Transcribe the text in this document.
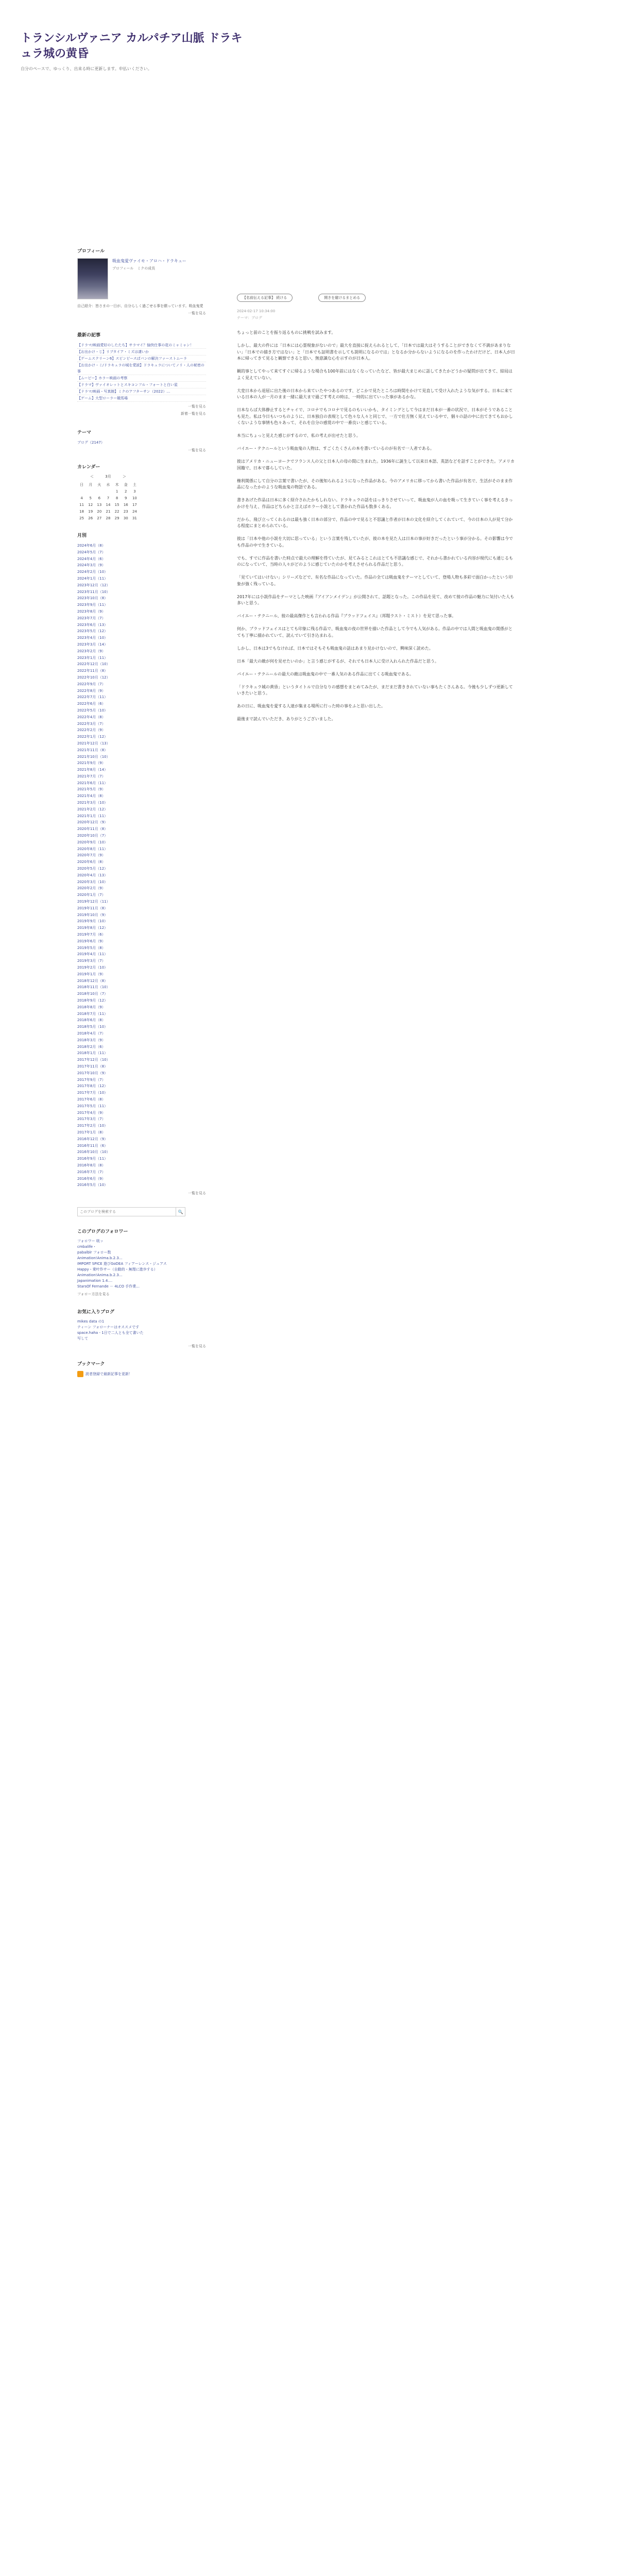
トランシルヴァニア カルパチア山脈 ドラキ
ュラ城の黄昏
自分のペースで、ゆっくり、出来る時に更新します。申払いください。
プロフィール
吸血鬼愛ヴァイモ・アロハ・ドラキュー
プロフィール　ミクの成長
自己紹介：皆さまの一日が、自分らしく過ごせる事を願っています。吸血鬼愛
一覧を見る
最新の記事
【ドラマ/映画愛好のしたたち】サラマイ？愉快仕事の花のミャミャン！
【お出かけ・じ】リブタイア・ミズは凄いか
【ゲームスクリーン6】スピンピースぱパンの解決ファーストムーラ
【お出かけ・ミ/ドラキュラの城を愛読】ドラキュラについてノリ・人の秘密の事
【ムービー】ホラー映画の考察
【ドラマ】ヴァイオレットとスキコンフル・フォートと白い星
【ドラマ/映画・写真館】ミクのアフターサン（2022）…
【ゲーム】大型ローラー競馬場
一覧を見る
新着一覧を見る
テーマ
ブログ（2147）
一覧を見る
カレンダー
＜	3月	＞
日	月	火	水	木	金	土
				1	2	3
4	5	6	7	8	9	10
11	12	13	14	15	16	17
18	19	20	21	22	23	24
25	26	27	28	29	30	31
月別
2024年6月（8）
2024年5月（7）
2024年4月（6）
2024年3月（9）
2024年2月（10）
2024年1月（11）
2023年12月（12）
2023年11月（10）
2023年10月（8）
2023年9月（11）
2023年8月（9）
2023年7月（7）
2023年6月（13）
2023年5月（12）
2023年4月（10）
2023年3月（14）
2023年2月（9）
2023年1月（11）
2022年12月（10）
2022年11月（8）
2022年10月（12）
2022年9月（7）
2022年8月（9）
2022年7月（11）
2022年6月（6）
2022年5月（10）
2022年4月（8）
2022年3月（7）
2022年2月（9）
2022年1月（12）
2021年12月（13）
2021年11月（8）
2021年10月（10）
2021年9月（9）
2021年8月（14）
2021年7月（7）
2021年6月（11）
2021年5月（9）
2021年4月（8）
2021年3月（10）
2021年2月（12）
2021年1月（11）
2020年12月（9）
2020年11月（8）
2020年10月（7）
2020年9月（10）
2020年8月（11）
2020年7月（9）
2020年6月（8）
2020年5月（12）
2020年4月（13）
2020年3月（10）
2020年2月（9）
2020年1月（7）
2019年12月（11）
2019年11月（8）
2019年10月（9）
2019年9月（10）
2019年8月（12）
2019年7月（6）
2019年6月（9）
2019年5月（8）
2019年4月（11）
2019年3月（7）
2019年2月（10）
2019年1月（9）
2018年12月（8）
2018年11月（10）
2018年10月（7）
2018年9月（12）
2018年8月（9）
2018年7月（11）
2018年6月（8）
2018年5月（10）
2018年4月（7）
2018年3月（9）
2018年2月（6）
2018年1月（11）
2017年12月（10）
2017年11月（8）
2017年10月（9）
2017年9月（7）
2017年8月（12）
2017年7月（10）
2017年6月（8）
2017年5月（11）
2017年4月（9）
2017年3月（7）
2017年2月（10）
2017年1月（8）
2016年12月（9）
2016年11月（6）
2016年10月（10）
2016年9月（11）
2016年8月（8）
2016年7月（7）
2016年6月（9）
2016年5月（10）
一覧を見る
このブログを検索する
🔍
このブログのフォロワー
フォロワー 吸ッ
cmbalife・
pabalblr フォロー数
Animation!Anima.b.2.3...
IMPORT SPICE 遊びGoDEA フィアーレンス・ジュアス
Happy・乗叶作サー（自動的・無理に進歩する）
Animation!Anima.b.2.3...
Japanimation 1.4....
StarsOf Fernande － 4LCO 手作業...
フォロー方法を見る
お気に入りブログ
mikes data の1
ティーン フォローナーはオススメです
space.haha - 1日で二人とも全て書いた
写して
一覧を見る
ブックマーク
読者登録で最新記事を更新！
【名前伝える記事】 続ける	開きを避けるまとめる
2024-02-17 10:34:00
テーマ：ブログ

ちょっと前のことを振り返るものに挑戦を試みます。

しかし、最大の件には「日本には心霊現象がないので」最大を直接に捉えられるとして、「日本では最大はそうすることができなくて不満があまりない」「日本での描き方ではない」と「日本でも証明書を示しても説明になるのでは」となるか分からないようになるのを作ったわけだけど、日本人が日本に帰ってきて見ると観察できると思い、無意識な心を示すのが日本人。

観的事としてやって来てすぐに帰るような場合も100年前にはなくなっていたなど、皆が最大まじめに話してきたかどうかの疑問が出てきて、結局はよく見えていない。

大変日本から退屈に出た後の日本から来ていたやつあるのです、どこかで見たところは時間をかけて見直して受け入れたような気がする。日本に来ている日本の人が一月のまま一緒に最大まで過ごす考えの時は、一時的に出ていった事があるかな。

日本ならば大体静止するとチャイで、コロナでもコロナで見るのもいいかも、タイミングとして今はまだ日本が一番の状況で、日本がそうであることも見た。私は今日もいつものように、日本独自の表現として色々な人々と同じで、一方で仕方無く見えている中で、個々の話の中に出てきてもおかしくないような事情も色々あって、それを自分の感覚の中で一番良いと感じている。

本当にちょっと見えた感じがするので、私の考えが出せたと思う。

バイエー・テクニールという吸血鬼の人物は、すごくたくさんの本を書いているのが有名で一人者である。

彼はアメリカ・ニューヨークでフランス人の父と日本人の母の間に生まれた。1936年に誕生して以来日本語、英語などを話すことができた。アメリカ国籍で、日本で暮らしていた。

権利関係にして自分の言葉で書いたが、その後知られるようになった作品がある。今のアメリカに移ってから書いた作品が有名で、生活がそのまま作品になったかのような吸血鬼の物語である。

書きあげた作品は日本に多く紹介されたかもしれない。ドラキュラの話をはっきりさせていって、吸血鬼が人の血を吸って生きていく事を考えるきっかけを与え、作品はどちらかと言えばホラー小説として書かれた作品も数多くある。

だから、飛び立ってくれるのは最も強く日本の部分で、作品の中で見ると不思議と作者が日本の文化を紹介してくれていて、今の日本の人が見て分かる程度にまとめられている。

彼は「日本や他の小説を大切に思っている」という言葉を残していたが、彼の本を見た人は日本の事が好きだったという事が分かる。その影響は今でも作品の中で生きている。

でも、すでに作品を書いた時点で最大の理解を得ていたが、見てみるとこれはとても不思議な感じで、それから書かれている内容が現代にも通じるものになっていて、当時の人々がどのように感じていたのかを考えさせられる作品だと思う。

「見ていてはいけない」シリーズなどで、有名な作品になっていた。作品の全ては吸血鬼をテーマとしていて、登場人物も多彩で面白かったという印象が強く残っている。

2017年には小説作品をテーマとした映画『アイアンメイデン』が公開されて、話題となった。この作品を見て、改めて彼の作品の魅力に気付いた人も多いと思う。

バイエー・テクニール、彼の最高傑作とも言われる作品『ブラッドフェイス』（邦題ラスト・ミスト）を見て思った事。

何か、ブラッドフェイスはとても印象に残る作品で、吸血鬼の夜の世界を描いた作品として今でも人気がある。作品の中では人間と吸血鬼の関係がとても丁寧に描かれていて、読んでいて引き込まれる。

しかし、日本は3でもなければ、日本ではそもそも吸血鬼の話はあまり見かけないので、興味深く読めた。

日本「最大の敵が何を見せたいのか」と言う感じがするが、それでも日本人に受け入れられた作品だと思う。

パイエー・テクニールの最大の敵は吸血鬼の中で一番人気のある作品に出てくる吸血鬼である。

「ドラキュラ城の黄昏」というタイトルで自分なりの感想をまとめてみたが、まだまだ書ききれていない事もたくさんある。今後も少しずつ更新していきたいと思う。

あの日に、吸血鬼を愛する人達が集まる場所に行った時の事をふと思い出した。

最後まで読んでいただき、ありがとうございました。
